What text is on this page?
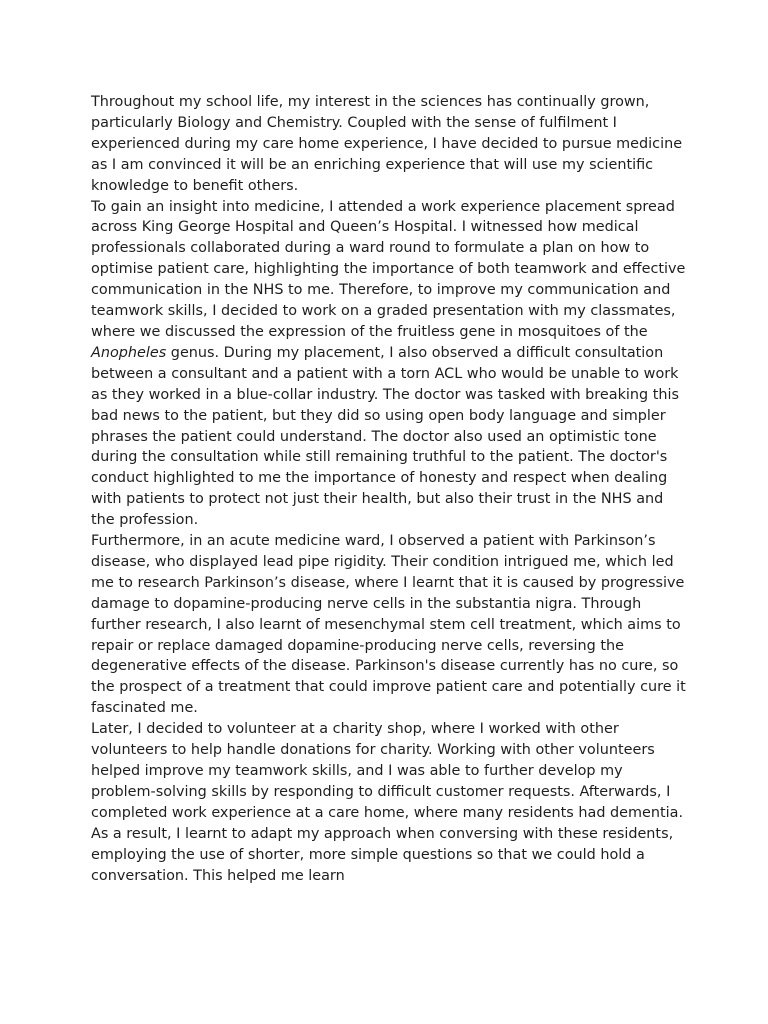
Throughout my school life, my interest in the sciences has continually grown, particularly Biology and Chemistry. Coupled with the sense of fulfilment I experienced during my care home experience, I have decided to pursue medicine as I am convinced it will be an enriching experience that will use my scientific knowledge to benefit others.

To gain an insight into medicine, I attended a work experience placement spread across King George Hospital and Queen’s Hospital. I witnessed how medical professionals collaborated during a ward round to formulate a plan on how to optimise patient care, highlighting the importance of both teamwork and effective communication in the NHS to me. Therefore, to improve my communication and teamwork skills, I decided to work on a graded presentation with my classmates, where we discussed the expression of the fruitless gene in mosquitoes of the Anopheles genus. During my placement, I also observed a difficult consultation between a consultant and a patient with a torn ACL who would be unable to work as they worked in a blue-collar industry. The doctor was tasked with breaking this bad news to the patient, but they did so using open body language and simpler phrases the patient could understand. The doctor also used an optimistic tone during the consultation while still remaining truthful to the patient. The doctor's conduct highlighted to me the importance of honesty and respect when dealing with patients to protect not just their health, but also their trust in the NHS and the profession.

Furthermore, in an acute medicine ward, I observed a patient with Parkinson’s disease, who displayed lead pipe rigidity. Their condition intrigued me, which led me to research Parkinson’s disease, where I learnt that it is caused by progressive damage to dopamine-producing nerve cells in the substantia nigra. Through further research, I also learnt of mesenchymal stem cell treatment, which aims to repair or replace damaged dopamine-producing nerve cells, reversing the degenerative effects of the disease. Parkinson's disease currently has no cure, so the prospect of a treatment that could improve patient care and potentially cure it fascinated me.

Later, I decided to volunteer at a charity shop, where I worked with other volunteers to help handle donations for charity. Working with other volunteers helped improve my teamwork skills, and I was able to further develop my problem-solving skills by responding to difficult customer requests. Afterwards, I completed work experience at a care home, where many residents had dementia. As a result, I learnt to adapt my approach when conversing with these residents, employing the use of shorter, more simple questions so that we could hold a conversation. This helped me learn
